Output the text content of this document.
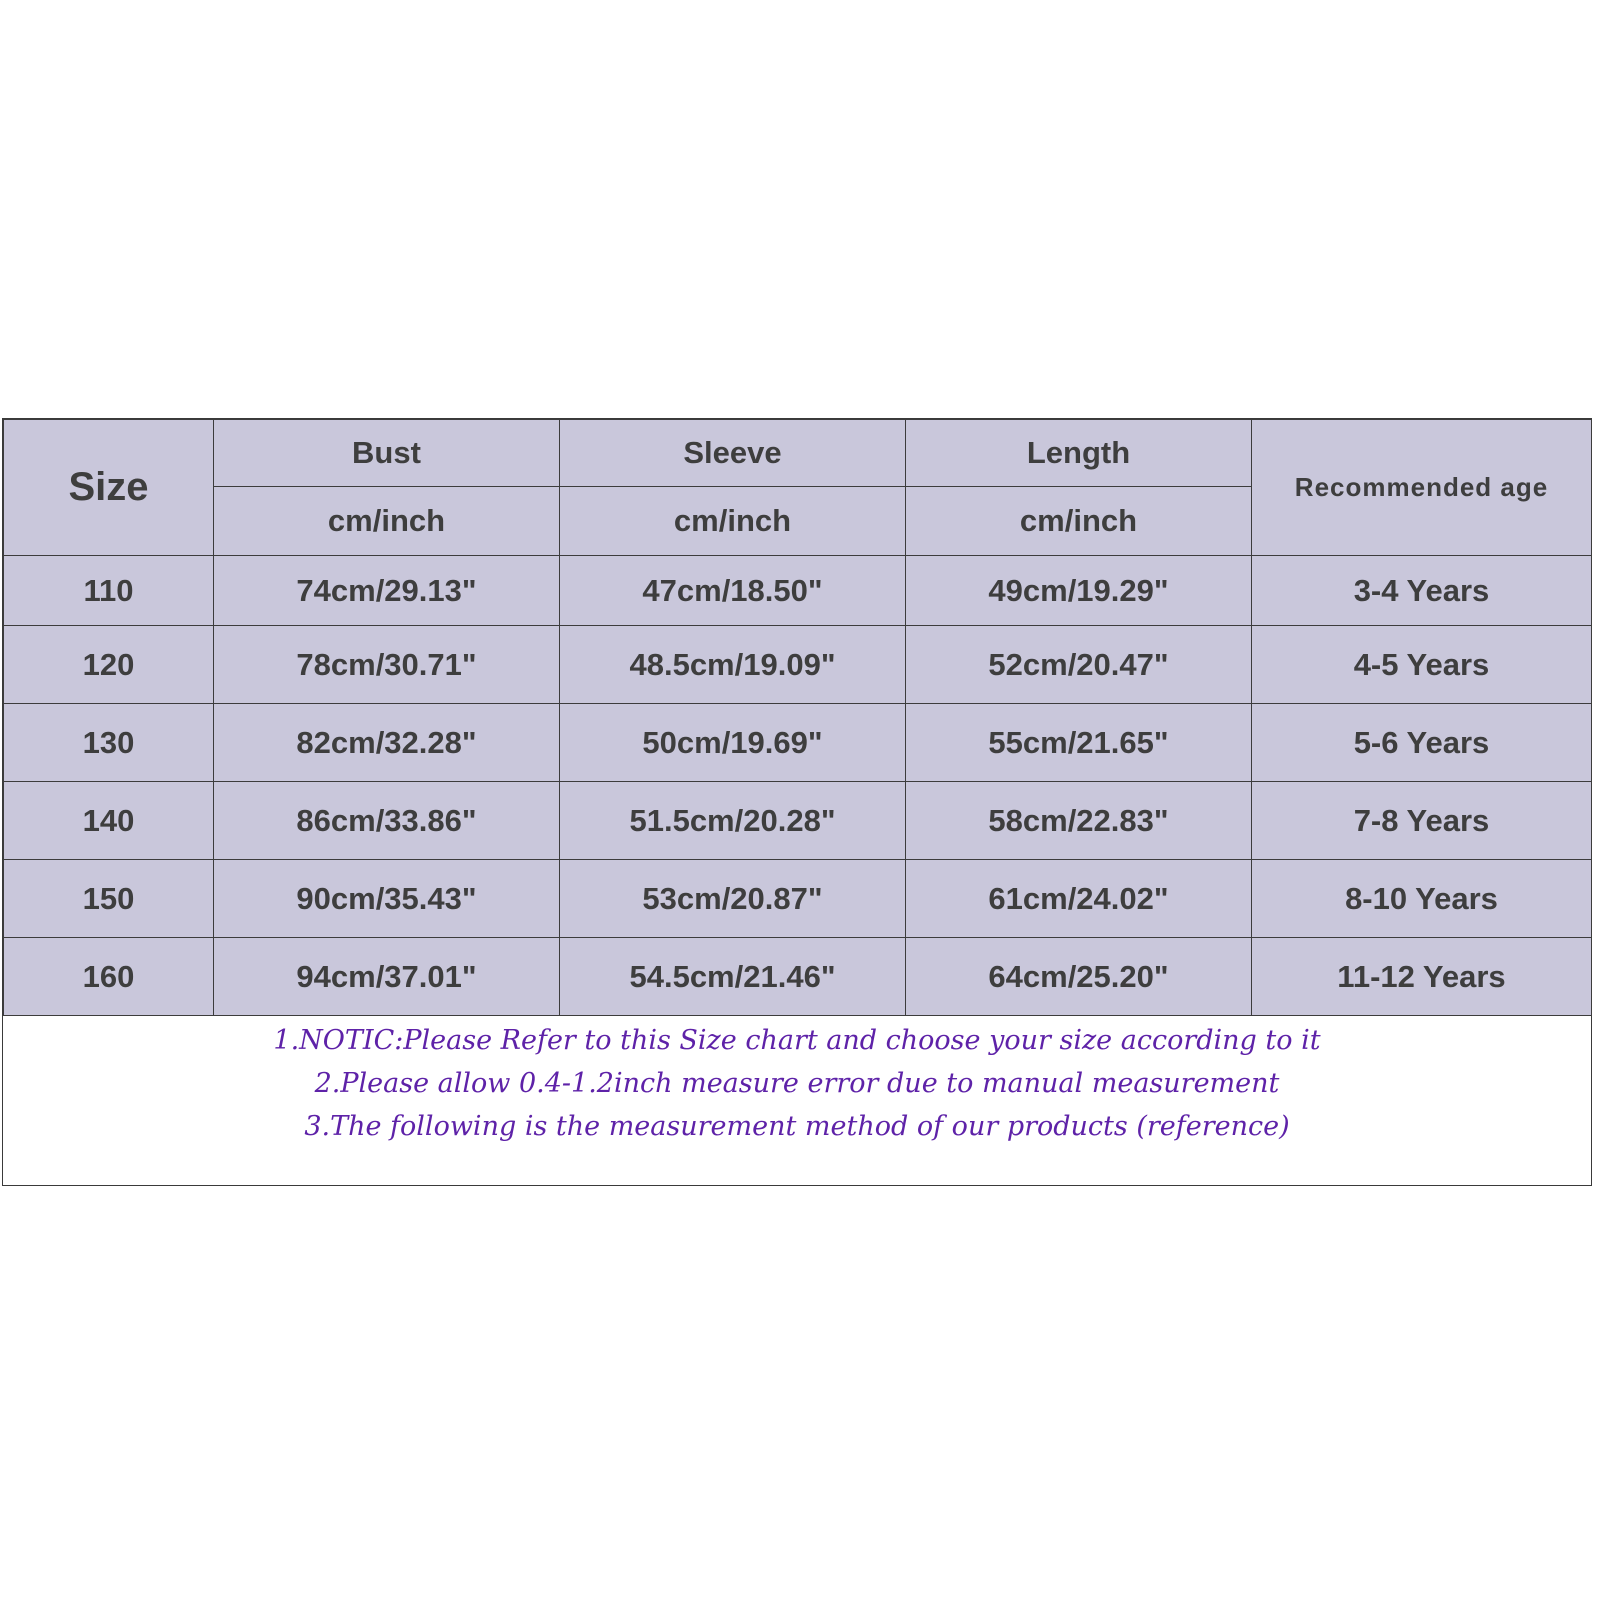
Size	Bust	Sleeve	Length	Recommended age
	cm/inch	cm/inch	cm/inch	
110	74cm/29.13"	47cm/18.50"	49cm/19.29"	3-4 Years
120	78cm/30.71"	48.5cm/19.09"	52cm/20.47"	4-5 Years
130	82cm/32.28"	50cm/19.69"	55cm/21.65"	5-6 Years
140	86cm/33.86"	51.5cm/20.28"	58cm/22.83"	7-8 Years
150	90cm/35.43"	53cm/20.87"	61cm/24.02"	8-10 Years
160	94cm/37.01"	54.5cm/21.46"	64cm/25.20"	11-12 Years
1.NOTIC:Please Refer to this Size chart and choose your size according to it
2.Please allow 0.4-1.2inch measure error due to manual measurement
3.The following is the measurement method of our products (reference)
